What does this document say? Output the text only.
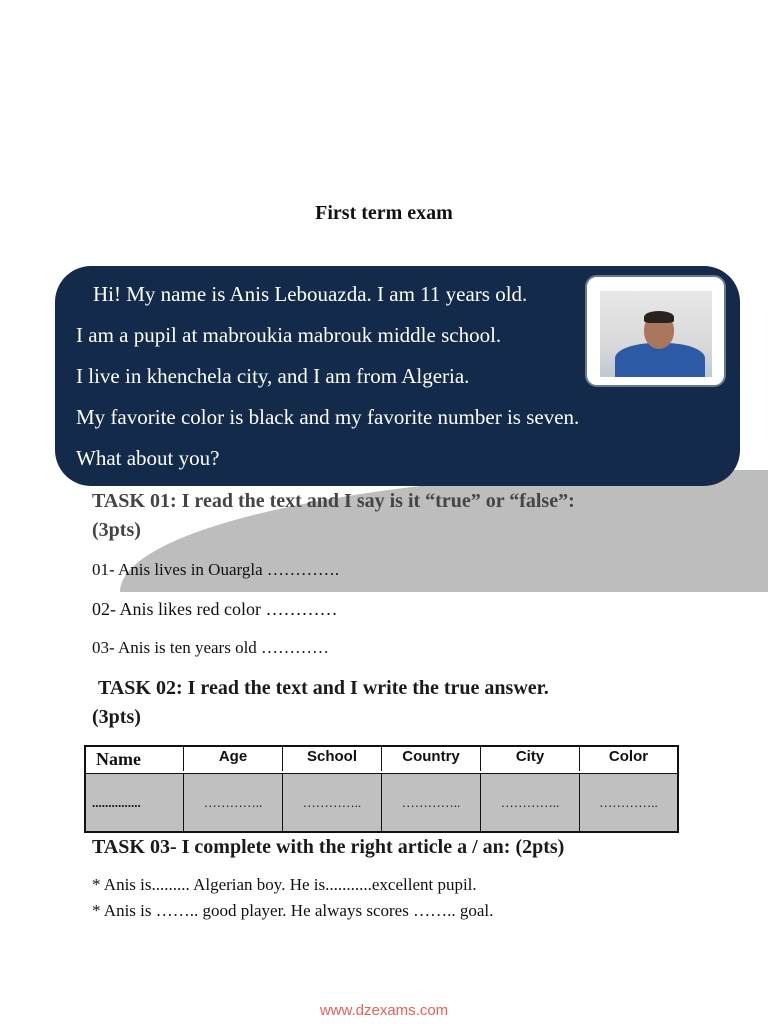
First term exam
Hi! My name is Anis Lebouazda. I am 11 years old.
I am a pupil at mabroukia mabrouk middle school.
I live in khenchela city, and I am from Algeria.
My favorite color is black and my favorite number is seven.
What about you?
TASK 01: I read the text and I say is it “true” or “false”:
(3pts)
01- Anis lives in Ouargla ………….
02- Anis likes red color …………
03- Anis is ten years old …………
TASK 02: I read the text and I write the true answer.
(3pts)
Name	Age	School	Country	City	Color
...............	…………..	…………..	…………..	…………..	…………..
TASK 03- I complete with the right article a / an: (2pts)
* Anis is......... Algerian boy. He is...........excellent pupil.
* Anis is …….. good player. He always scores …….. goal.
www.dzexams.com
